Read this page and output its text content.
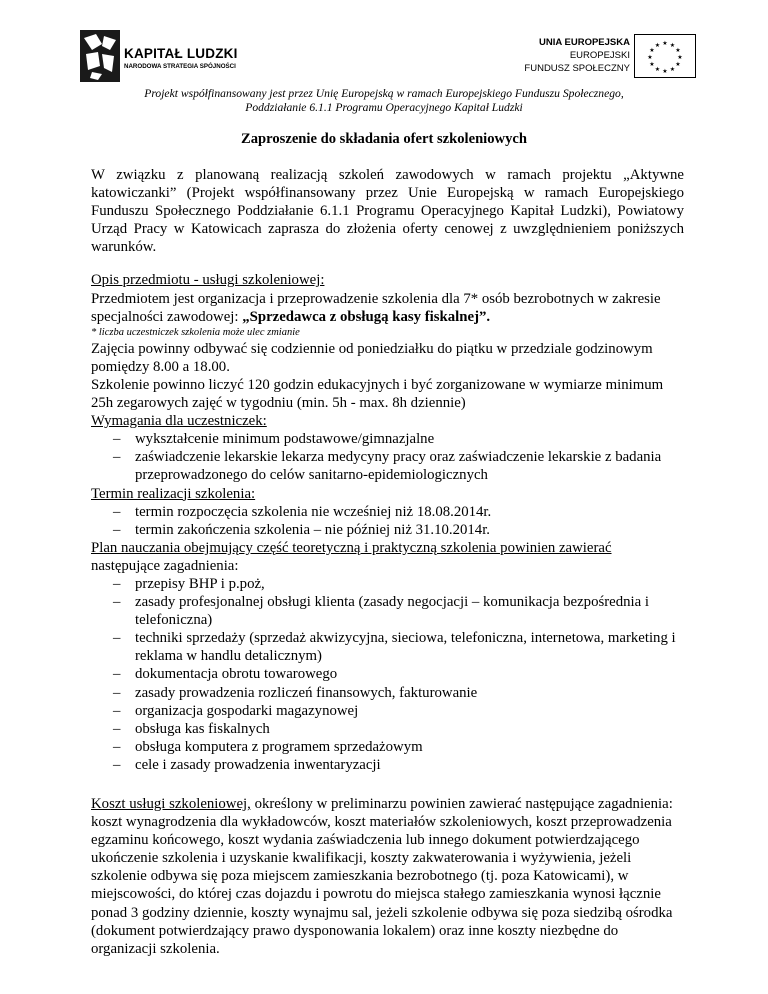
KAPITAŁ LUDZKI
NARODOWA STRATEGIA SPÓJNOŚCI
UNIA EUROPEJSKA
EUROPEJSKI
FUNDUSZ SPOŁECZNY
★ ★
★
★
★
★
★
★
★
★
★
★
Projekt współfinansowany jest przez Unię Europejską w ramach Europejskiego Funduszu Społecznego,
Poddziałanie 6.1.1 Programu Operacyjnego Kapitał Ludzki
Zaproszenie do składania ofert szkoleniowych

W związku z planowaną realizacją szkoleń zawodowych w ramach projektu „Aktywne katowiczanki” (Projekt współfinansowany przez Unie Europejską w ramach Europejskiego Funduszu Społecznego Poddziałanie 6.1.1 Programu Operacyjnego Kapitał Ludzki), Powiatowy Urząd Pracy w Katowicach zaprasza do złożenia oferty cenowej z uwzględnieniem poniższych warunków.

Opis przedmiotu - usługi szkoleniowej:

Przedmiotem jest organizacja i przeprowadzenie szkolenia dla 7* osób bezrobotnych w zakresie specjalności zawodowej: „Sprzedawca z obsługą kasy fiskalnej”.

* liczba uczestniczek szkolenia może ulec zmianie

Zajęcia powinny odbywać się codziennie od poniedziałku do piątku w przedziale godzinowym pomiędzy 8.00 a 18.00.

Szkolenie powinno liczyć 120 godzin edukacyjnych i być zorganizowane w wymiarze minimum 25h zegarowych zajęć w tygodniu (min. 5h - max. 8h dziennie)

Wymagania dla uczestniczek:

– wykształcenie minimum podstawowe/gimnazjalne
– zaświadczenie lekarskie lekarza medycyny pracy oraz zaświadczenie lekarskie z badania przeprowadzonego do celów sanitarno-epidemiologicznych

Termin realizacji szkolenia:

– termin rozpoczęcia szkolenia nie wcześniej niż 18.08.2014r.
– termin zakończenia szkolenia – nie później niż 31.10.2014r.

Plan nauczania obejmujący część teoretyczną i praktyczną szkolenia powinien zawierać

następujące zagadnienia:

– przepisy BHP i p.poż,
– zasady profesjonalnej obsługi klienta (zasady negocjacji – komunikacja bezpośrednia i telefoniczna)
– techniki sprzedaży (sprzedaż akwizycyjna, sieciowa, telefoniczna, internetowa, marketing i reklama w handlu detalicznym)
– dokumentacja obrotu towarowego
– zasady prowadzenia rozliczeń finansowych, fakturowanie
– organizacja gospodarki magazynowej
– obsługa kas fiskalnych
– obsługa komputera z programem sprzedażowym
– cele i zasady prowadzenia inwentaryzacji

Koszt usługi szkoleniowej, określony w preliminarzu powinien zawierać następujące zagadnienia: koszt wynagrodzenia dla wykładowców, koszt materiałów szkoleniowych, koszt przeprowadzenia egzaminu końcowego, koszt wydania zaświadczenia lub innego dokument potwierdzającego ukończenie szkolenia i uzyskanie kwalifikacji, koszty zakwaterowania i wyżywienia, jeżeli szkolenie odbywa się poza miejscem zamieszkania bezrobotnego (tj. poza Katowicami), w miejscowości, do której czas dojazdu i powrotu do miejsca stałego zamieszkania wynosi łącznie ponad 3 godziny dziennie, koszty wynajmu sal, jeżeli szkolenie odbywa się poza siedzibą ośrodka (dokument potwierdzający prawo dysponowania lokalem) oraz inne koszty niezbędne do organizacji szkolenia.
